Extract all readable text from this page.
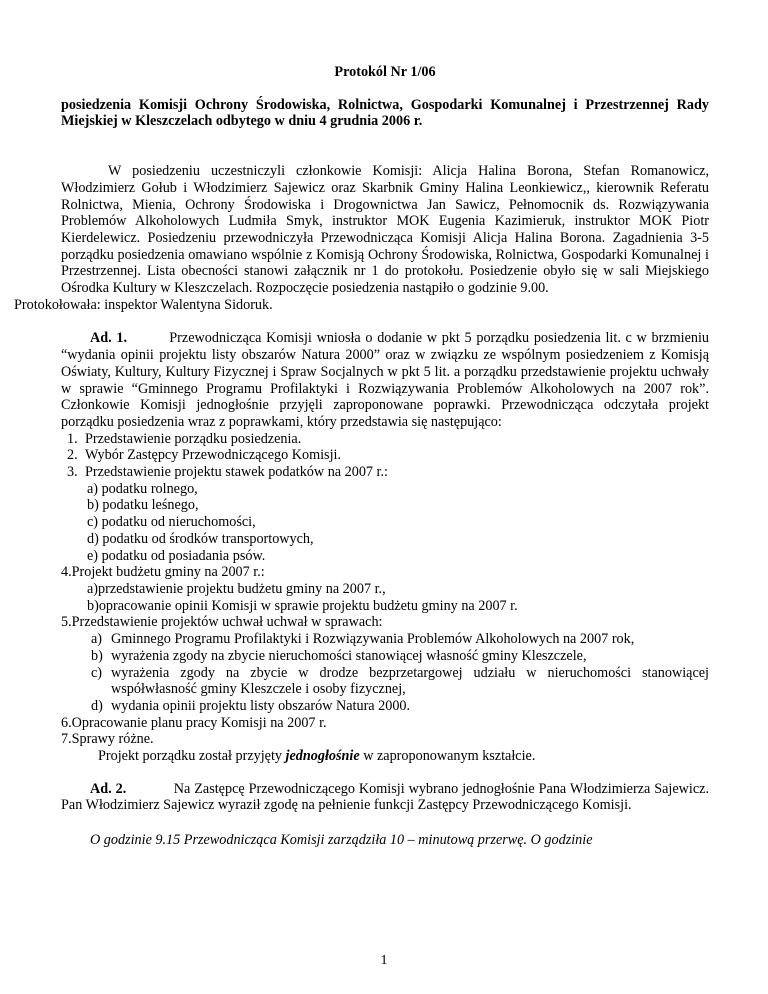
Protokól Nr 1/06

posiedzenia Komisji Ochrony Środowiska, Rolnictwa, Gospodarki Komunalnej i Przestrzennej Rady Miejskiej w Kleszczelach odbytego w dniu 4 grudnia 2006 r.

W posiedzeniu uczestniczyli członkowie Komisji: Alicja Halina Borona, Stefan Romanowicz, Włodzimierz Gołub i Włodzimierz Sajewicz oraz Skarbnik Gminy Halina Leonkiewicz,, kierownik Referatu Rolnictwa, Mienia, Ochrony Środowiska i Drogownictwa Jan Sawicz, Pełnomocnik ds. Rozwiązywania Problemów Alkoholowych Ludmiła Smyk, instruktor MOK Eugenia Kazimieruk, instruktor MOK Piotr Kierdelewicz. Posiedzeniu przewodniczyła Przewodnicząca Komisji Alicja Halina Borona. Zagadnienia 3-5 porządku posiedzenia omawiano wspólnie z Komisją Ochrony Środowiska, Rolnictwa, Gospodarki Komunalnej i Przestrzennej. Lista obecności stanowi załącznik nr 1 do protokołu. Posiedzenie obyło się w sali Miejskiego Ośrodka Kultury w Kleszczelach. Rozpoczęcie posiedzenia nastąpiło o godzinie 9.00.
Protokołowała: inspektor Walentyna Sidoruk.

Ad. 1.	Przewodnicząca Komisji wniosła o dodanie w pkt 5 porządku posiedzenia lit. c w brzmieniu “wydania opinii projektu listy obszarów Natura 2000” oraz w związku ze wspólnym posiedzeniem z Komisją Oświaty, Kultury, Kultury Fizycznej i Spraw Socjalnych w pkt 5 lit. a porządku przedstawienie projektu uchwały w sprawie “Gminnego Programu Profilaktyki i Rozwiązywania Problemów Alkoholowych na 2007 rok”. Członkowie Komisji jednogłośnie przyjęli zaproponowane poprawki. Przewodnicząca odczytała projekt porządku posiedzenia wraz z poprawkami, który przedstawia się następująco:

1. Przedstawienie porządku posiedzenia.
2. Wybór Zastępcy Przewodniczącego Komisji.
3. Przedstawienie projektu stawek podatków na 2007 r.:
a) podatku rolnego,
b) podatku leśnego,
c) podatku od nieruchomości,
d) podatku od środków transportowych,
e) podatku od posiadania psów.
4.Projekt budżetu gminy na 2007 r.:
a)przedstawienie projektu budżetu gminy na 2007 r.,
b)opracowanie opinii Komisji w sprawie projektu budżetu gminy na 2007 r.
5.Przedstawienie projektów uchwał uchwał w sprawach:
a) Gminnego Programu Profilaktyki i Rozwiązywania Problemów Alkoholowych na 2007 rok,
b) wyrażenia zgody na zbycie nieruchomości stanowiącej własność gminy Kleszczele,
c) wyrażenia zgody na zbycie w drodze bezprzetargowej udziału w nieruchomości stanowiącej współwłasność gminy Kleszczele i osoby fizycznej,
d) wydania opinii projektu listy obszarów Natura 2000.
6.Opracowanie planu pracy Komisji na 2007 r.
7.Sprawy różne.
Projekt porządku został przyjęty jednogłośnie w zaproponowanym kształcie.

Ad. 2.	Na Zastępcę Przewodniczącego Komisji wybrano jednogłośnie Pana Włodzimierza Sajewicz. Pan Włodzimierz Sajewicz wyraził zgodę na pełnienie funkcji Zastępcy Przewodniczącego Komisji.

O godzinie 9.15 Przewodnicząca Komisji zarządziła 10 – minutową przerwę. O godzinie

1
